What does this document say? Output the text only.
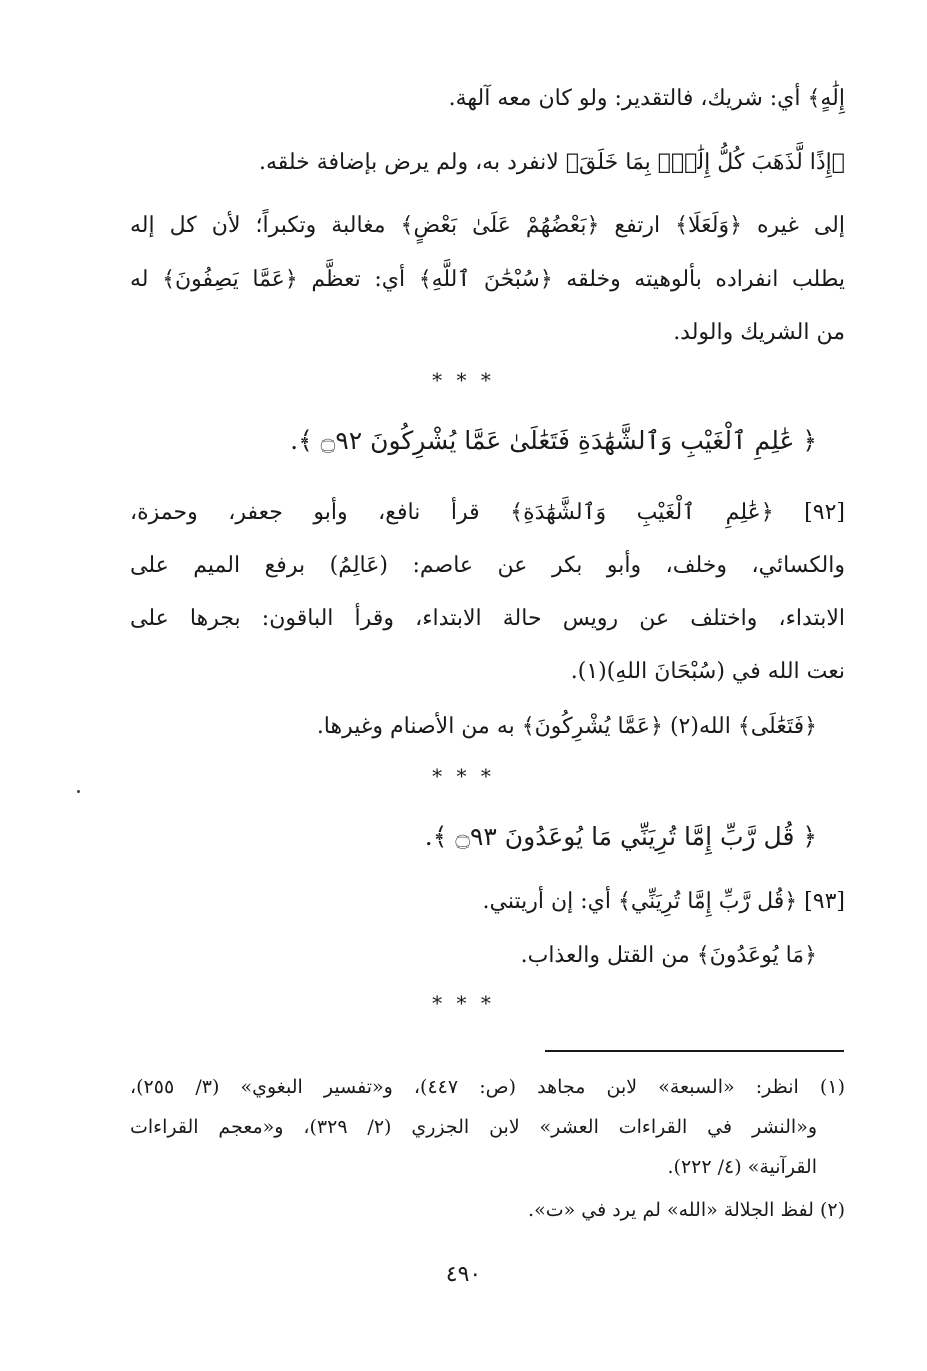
إِلَٰهٍ﴾ أي: شريك، فالتقدير: ولو كان معه آلهة.
﴿إِذًا لَّذَهَبَ كُلُّ إِلَٰهِۭ بِمَا خَلَقَ﴾ لانفرد به، ولم يرض بإضافة خلقه.
إلى غيره ﴿وَلَعَلَا﴾ ارتفع ﴿بَعْضُهُمْ عَلَىٰ بَعْضٍ﴾ مغالبة وتكبراً؛ لأن كل إله
يطلب انفراده بألوهيته وخلقه ﴿سُبْحَٰنَ ٱللَّهِ﴾ أي: تعظَّم ﴿عَمَّا يَصِفُونَ﴾ له
من الشريك والولد.
* * *
﴿ عَٰلِمِ ٱلْغَيْبِ وَٱلشَّهَٰدَةِ فَتَعَٰلَىٰ عَمَّا يُشْرِكُونَ ۝٩٢ ﴾.
[٩٢] ﴿عَٰلِمِ ٱلْغَيْبِ وَٱلشَّهَٰدَةِ﴾ قرأ نافع، وأبو جعفر، وحمزة،
والكسائي، وخلف، وأبو بكر عن عاصم: (عَالِمُ) برفع الميم على
الابتداء، واختلف عن رويس حالة الابتداء، وقرأ الباقون: بجرها على
نعت الله في (سُبْحَانَ اللهِ)(١).
﴿فَتَعَٰلَى﴾ الله(٢) ﴿عَمَّا يُشْرِكُونَ﴾ به من الأصنام وغيرها.
* * *
﴿ قُل رَّبِّ إِمَّا تُرِيَنِّي مَا يُوعَدُونَ ۝٩٣ ﴾.
[٩٣] ﴿قُل رَّبِّ إِمَّا تُرِيَنِّي﴾ أي: إن أريتني.
﴿مَا يُوعَدُونَ﴾ من القتل والعذاب.
* * *
(١) انظر: «السبعة» لابن مجاهد (ص: ٤٤٧)، و«تفسير البغوي» (٣/ ٢٥٥)،
و«النشر في القراءات العشر» لابن الجزري (٢/ ٣٢٩)، و«معجم القراءات
القرآنية» (٤/ ٢٢٢).
(٢) لفظ الجلالة «الله» لم يرد في «ت».
٤٩٠
